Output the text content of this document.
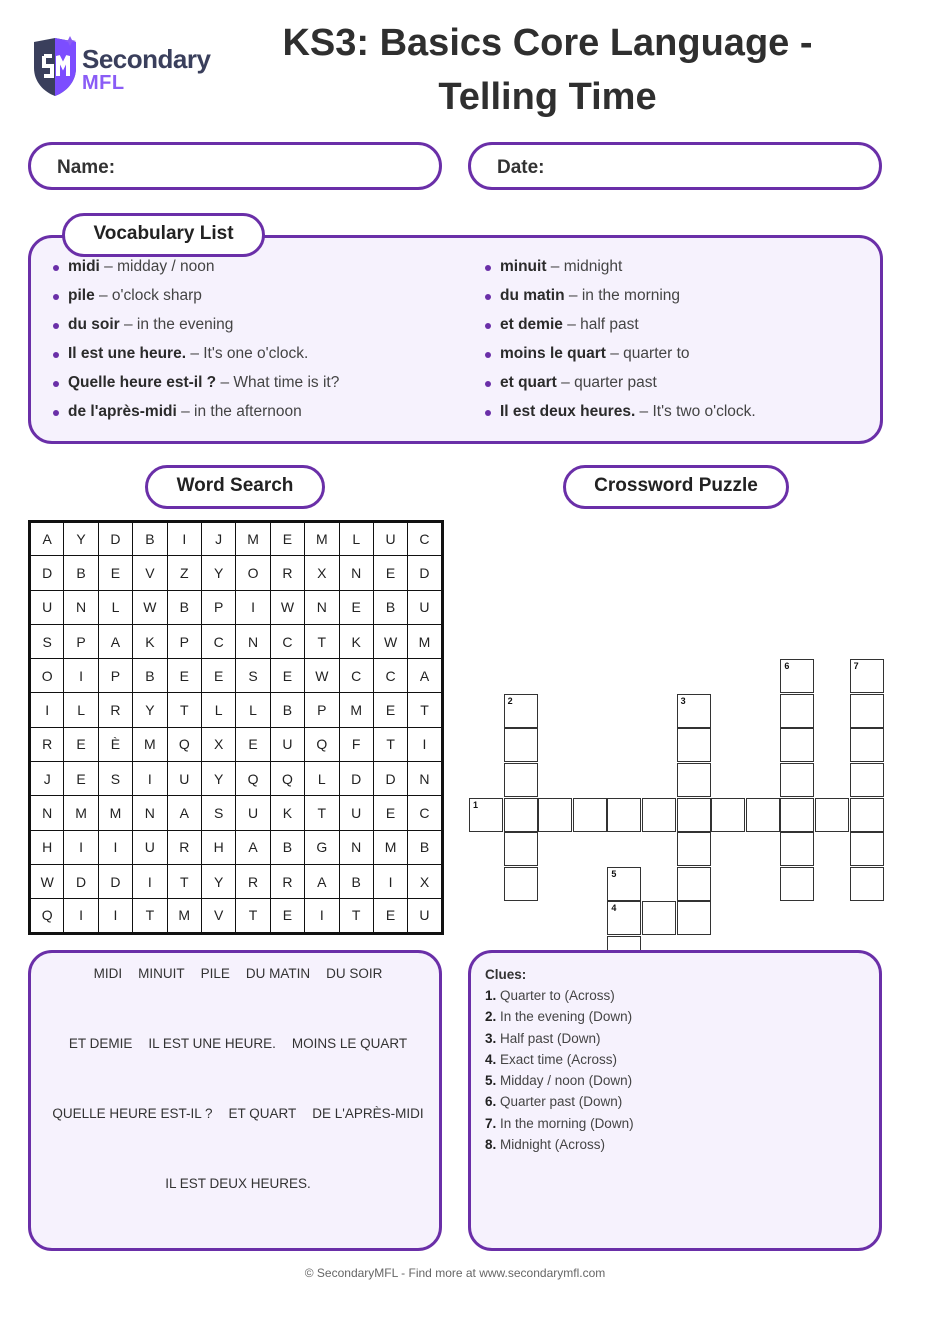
Secondary
MFL
KS3: Basics Core Language -
Telling Time
Name:	Date:
Vocabulary List
midi – midday / noon
pile – o'clock sharp
du soir – in the evening
Il est une heure. – It's one o'clock.
Quelle heure est-il ? – What time is it?
de l'après-midi – in the afternoon
minuit – midnight
du matin – in the morning
et demie – half past
moins le quart – quarter to
et quart – quarter past
Il est deux heures. – It's two o'clock.
Word Search
A	Y	D	B	I	J	M	E	M	L	U	C
D	B	E	V	Z	Y	O	R	X	N	E	D
U	N	L	W	B	P	I	W	N	E	B	U
S	P	A	K	P	C	N	C	T	K	W	M
O	I	P	B	E	E	S	E	W	C	C	A
I	L	R	Y	T	L	L	B	P	M	E	T
R	E	È	M	Q	X	E	U	Q	F	T	I
J	E	S	I	U	Y	Q	Q	L	D	D	N
N	M	M	N	A	S	U	K	T	U	E	C
H	I	I	U	R	H	A	B	G	N	M	B
W	D	D	I	T	Y	R	R	A	B	I	X
Q	I	I	T	M	V	T	E	I	T	E	U
MIDI MINUIT PILE DU MATIN DU SOIR
ET DEMIE IL EST UNE HEURE. MOINS LE QUART
QUELLE HEURE EST-IL ? ET QUART DE L'APRÈS-MIDI
IL EST DEUX HEURES.
Crossword Puzzle
1
2	3
4
5
6	7
Clues:
1. Quarter to (Across)
2. In the evening (Down)
3. Half past (Down)
4. Exact time (Across)
5. Midday / noon (Down)
6. Quarter past (Down)
7. In the morning (Down)
8. Midnight (Across)
© SecondaryMFL - Find more at www.secondarymfl.com
